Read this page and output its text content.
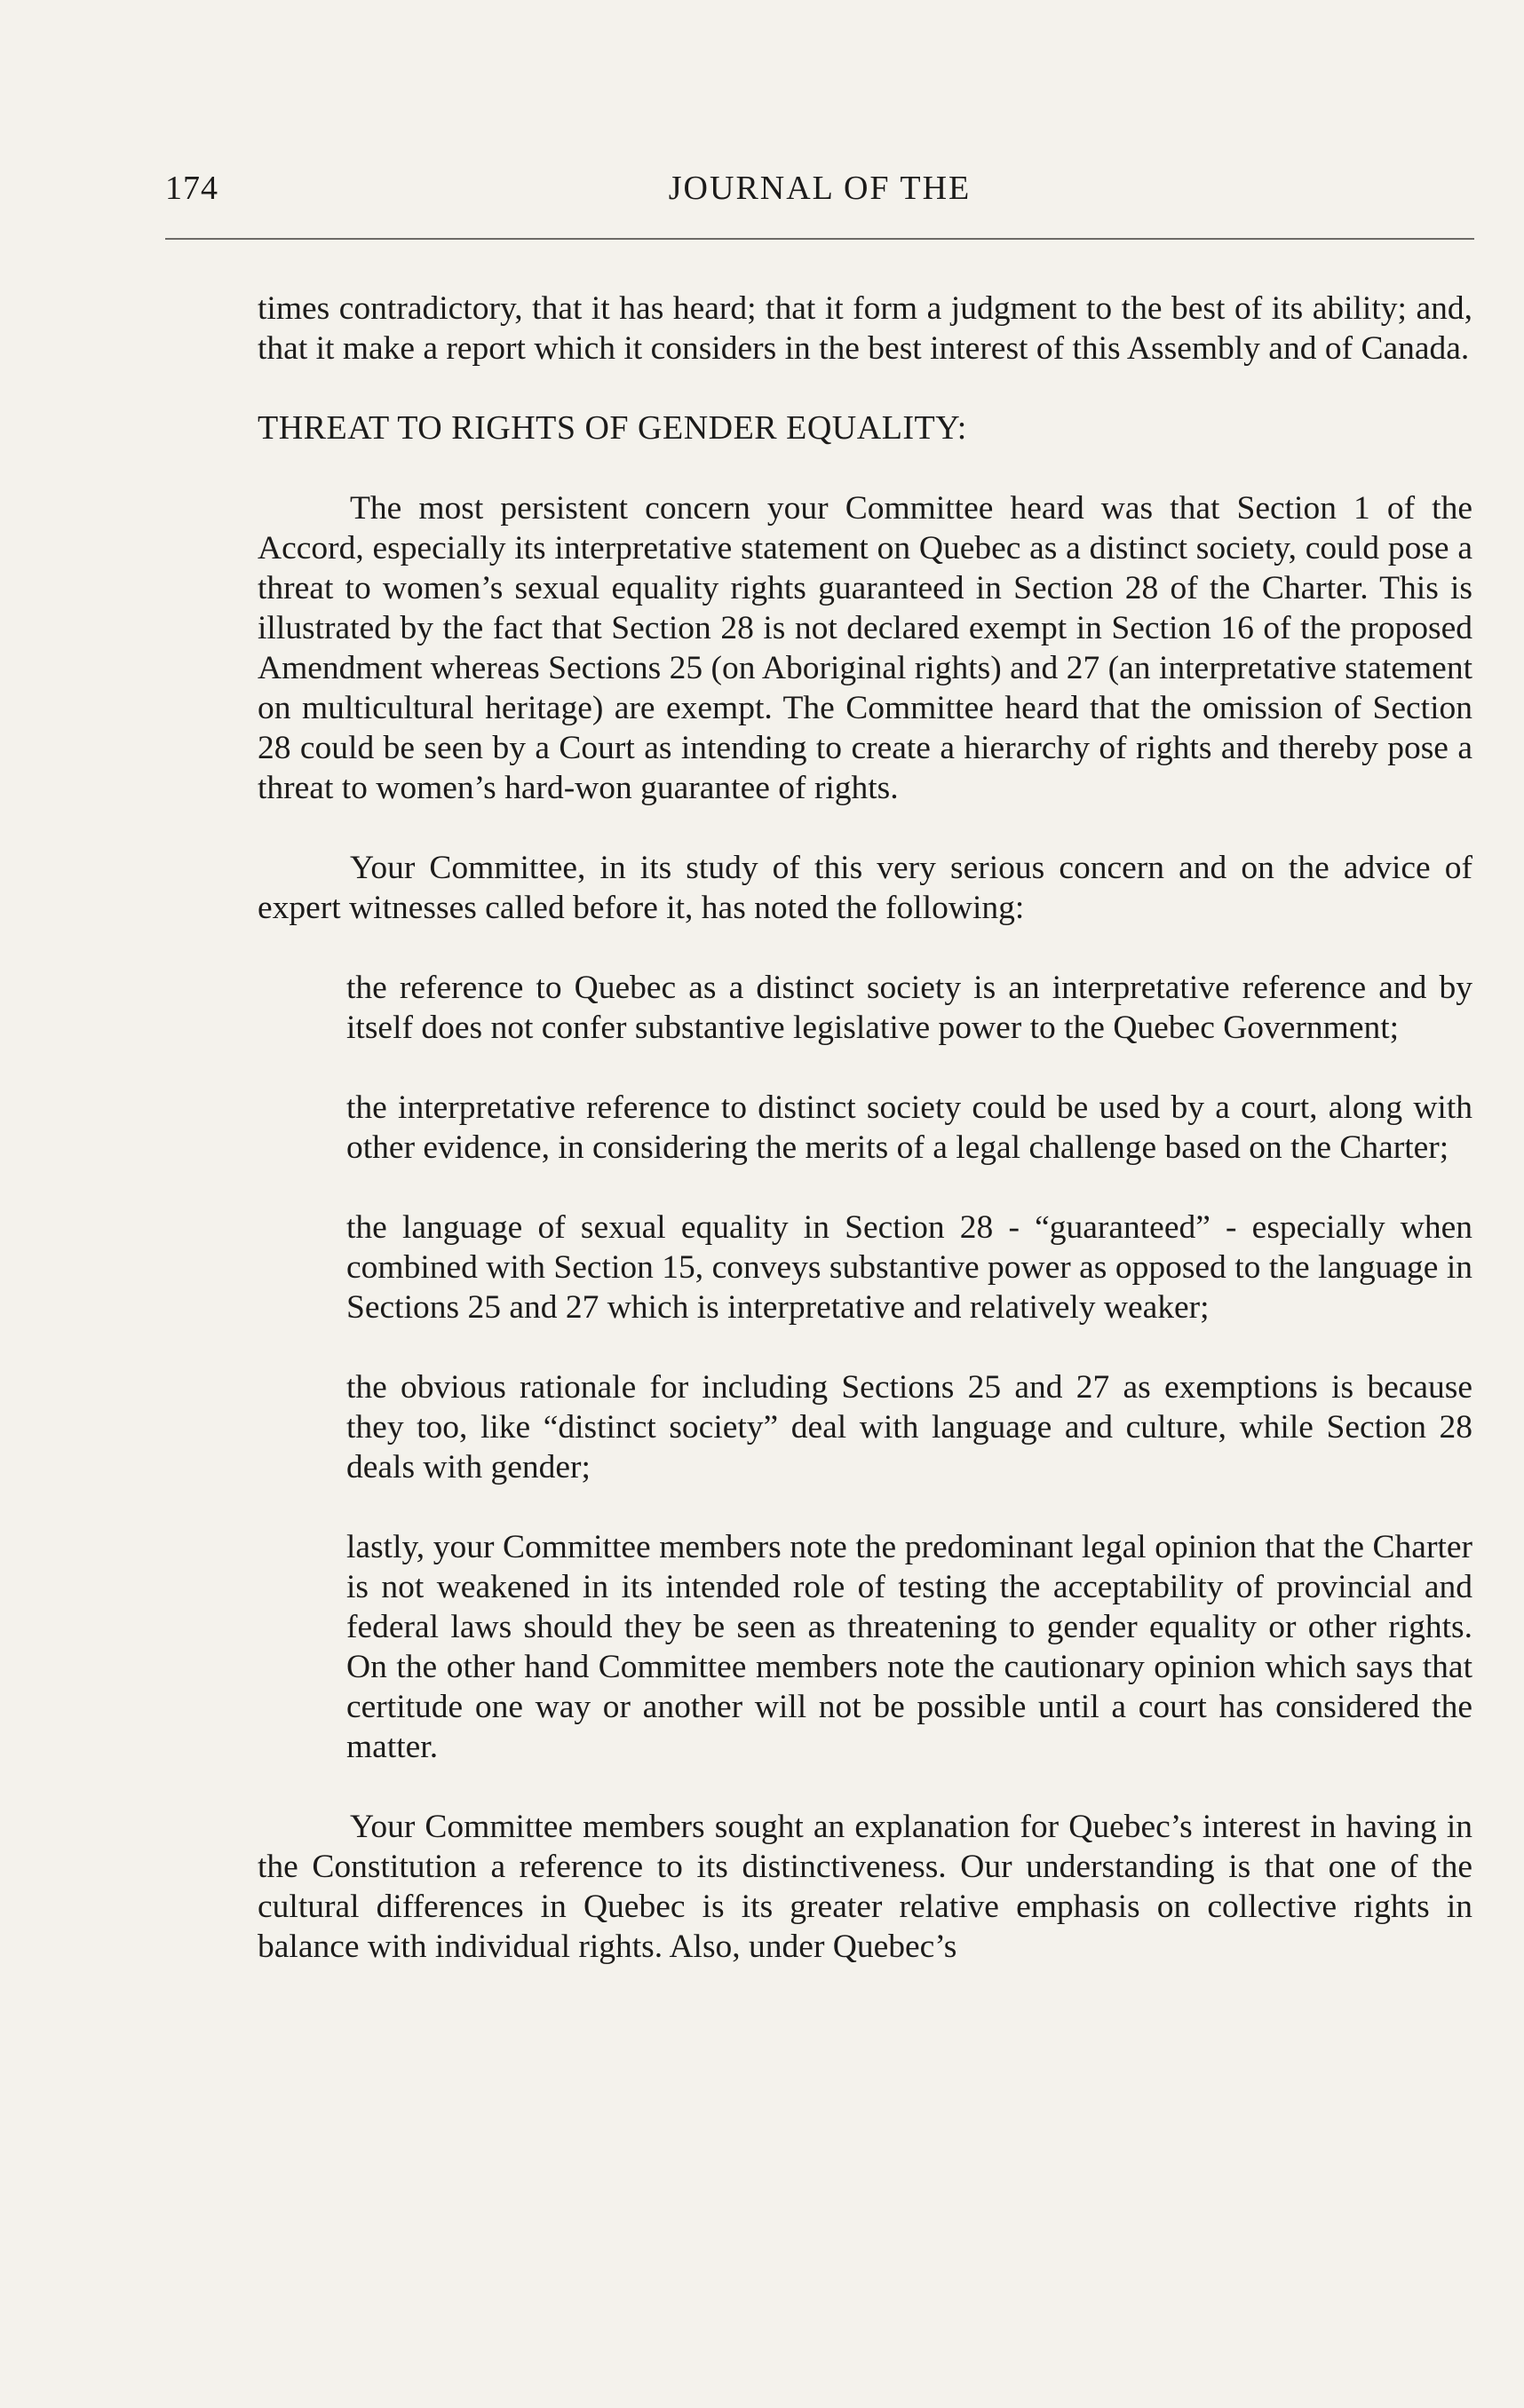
174	JOURNAL OF THE

times contradictory, that it has heard; that it form a judgment to the best of its ability; and, that it make a report which it considers in the best interest of this Assembly and of Canada.

THREAT TO RIGHTS OF GENDER EQUALITY:

The most persistent concern your Committee heard was that Section 1 of the Accord, especially its interpretative statement on Quebec as a distinct society, could pose a threat to women’s sexual equality rights guaranteed in Section 28 of the Charter. This is illustrated by the fact that Section 28 is not declared exempt in Section 16 of the proposed Amendment whereas Sections 25 (on Aboriginal rights) and 27 (an interpretative statement on multicultural heritage) are exempt. The Committee heard that the omission of Section 28 could be seen by a Court as intending to create a hierarchy of rights and thereby pose a threat to women’s hard-won guarantee of rights.

Your Committee, in its study of this very serious concern and on the advice of expert witnesses called before it, has noted the following:

the reference to Quebec as a distinct society is an interpretative reference and by itself does not confer substantive legislative power to the Quebec Government;

the interpretative reference to distinct society could be used by a court, along with other evidence, in considering the merits of a legal challenge based on the Charter;

the language of sexual equality in Section 28 - “guaranteed” - especially when combined with Section 15, conveys substantive power as opposed to the language in Sections 25 and 27 which is interpretative and relatively weaker;

the obvious rationale for including Sections 25 and 27 as exemptions is because they too, like “distinct society” deal with language and culture, while Section 28 deals with gender;

lastly, your Committee members note the predominant legal opinion that the Charter is not weakened in its intended role of testing the acceptability of provincial and federal laws should they be seen as threatening to gender equality or other rights. On the other hand Committee members note the cautionary opinion which says that certitude one way or another will not be possible until a court has considered the matter.

Your Committee members sought an explanation for Quebec’s interest in having in the Constitution a reference to its distinctiveness. Our understanding is that one of the cultural differences in Quebec is its greater relative emphasis on collective rights in balance with individual rights. Also, under Quebec’s
